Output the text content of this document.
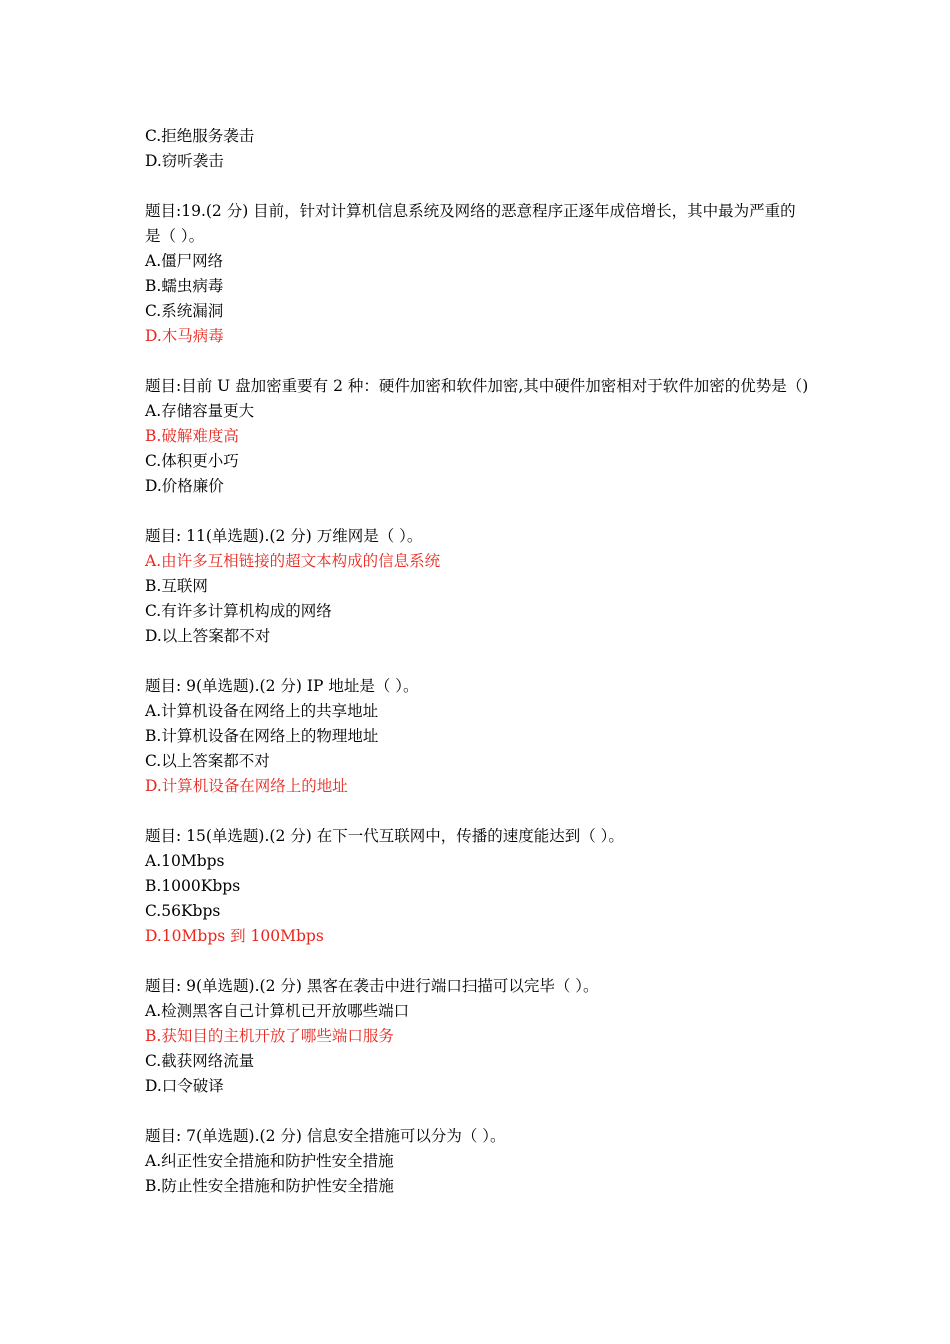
C.拒绝服务袭击
D.窃听袭击
题目:19.(2 分) 目前，针对计算机信息系统及网络的恶意程序正逐年成倍增长，其中最为严重的是（ ）。
A.僵尸网络
B.蠕虫病毒
C.系统漏洞
D.木马病毒
题目:目前 U 盘加密重要有 2 种：硬件加密和软件加密,其中硬件加密相对于软件加密的优势是（)
A.存储容量更大
B.破解难度高
C.体积更小巧
D.价格廉价
题目: 11(单选题).(2 分) 万维网是（ ）。
A.由许多互相链接的超文本构成的信息系统
B.互联网
C.有许多计算机构成的网络
D.以上答案都不对
题目: 9(单选题).(2 分) IP 地址是（ ）。
A.计算机设备在网络上的共享地址
B.计算机设备在网络上的物理地址
C.以上答案都不对
D.计算机设备在网络上的地址
题目: 15(单选题).(2 分) 在下一代互联网中，传播的速度能达到（ ）。
A.10Mbps
B.1000Kbps
C.56Kbps
D.10Mbps 到 100Mbps
题目: 9(单选题).(2 分) 黑客在袭击中进行端口扫描可以完毕（ ）。
A.检测黑客自己计算机已开放哪些端口
B.获知目的主机开放了哪些端口服务
C.截获网络流量
D.口令破译
题目: 7(单选题).(2 分) 信息安全措施可以分为（ ）。
A.纠正性安全措施和防护性安全措施
B.防止性安全措施和防护性安全措施
